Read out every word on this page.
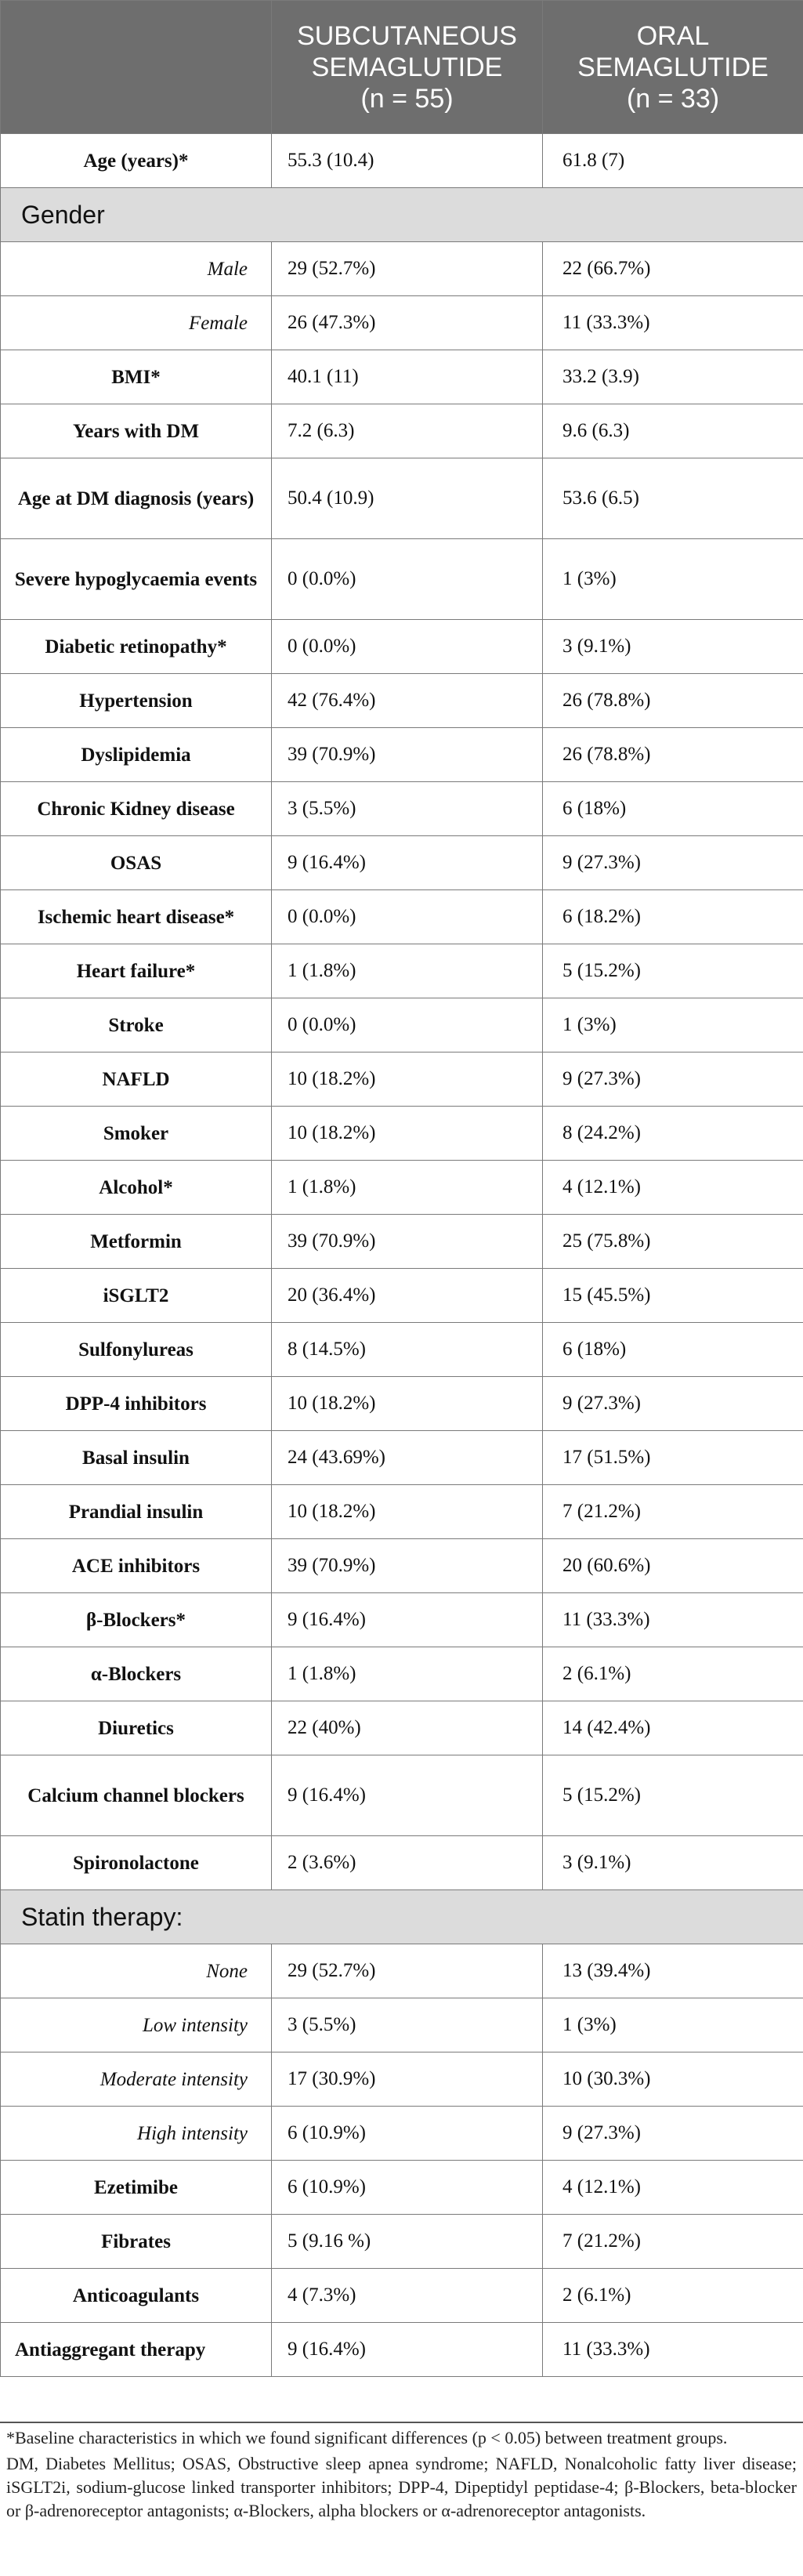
	SUBCUTANEOUS
SEMAGLUTIDE
(n = 55)	ORAL
SEMAGLUTIDE
(n = 33)
Age (years)*	55.3 (10.4)	61.8 (7)
Gender		
Male	29 (52.7%)	22 (66.7%)
Female	26 (47.3%)	11 (33.3%)
BMI*	40.1 (11)	33.2 (3.9)
Years with DM	7.2 (6.3)	9.6 (6.3)
Age at DM diagnosis (years)	50.4 (10.9)	53.6 (6.5)
Severe hypoglycaemia events	0 (0.0%)	1 (3%)
Diabetic retinopathy*	0 (0.0%)	3 (9.1%)
Hypertension	42 (76.4%)	26 (78.8%)
Dyslipidemia	39 (70.9%)	26 (78.8%)
Chronic Kidney disease	3 (5.5%)	6 (18%)
OSAS	9 (16.4%)	9 (27.3%)
Ischemic heart disease*	0 (0.0%)	6 (18.2%)
Heart failure*	1 (1.8%)	5 (15.2%)
Stroke	0 (0.0%)	1 (3%)
NAFLD	10 (18.2%)	9 (27.3%)
Smoker	10 (18.2%)	8 (24.2%)
Alcohol*	1 (1.8%)	4 (12.1%)
Metformin	39 (70.9%)	25 (75.8%)
iSGLT2	20 (36.4%)	15 (45.5%)
Sulfonylureas	8 (14.5%)	6 (18%)
DPP-4 inhibitors	10 (18.2%)	9 (27.3%)
Basal insulin	24 (43.69%)	17 (51.5%)
Prandial insulin	10 (18.2%)	7 (21.2%)
ACE inhibitors	39 (70.9%)	20 (60.6%)
β-Blockers*	9 (16.4%)	11 (33.3%)
α-Blockers	1 (1.8%)	2 (6.1%)
Diuretics	22 (40%)	14 (42.4%)
Calcium channel blockers	9 (16.4%)	5 (15.2%)
Spironolactone	2 (3.6%)	3 (9.1%)
Statin therapy:		
None	29 (52.7%)	13 (39.4%)
Low intensity	3 (5.5%)	1 (3%)
Moderate intensity	17 (30.9%)	10 (30.3%)
High intensity	6 (10.9%)	9 (27.3%)
Ezetimibe	6 (10.9%)	4 (12.1%)
Fibrates	5 (9.16 %)	7 (21.2%)
Anticoagulants	4 (7.3%)	2 (6.1%)
Antiaggregant therapy	9 (16.4%)	11 (33.3%)

*Baseline characteristics in which we found significant differences (p < 0.05) between treatment groups.

DM, Diabetes Mellitus; OSAS, Obstructive sleep apnea syndrome; NAFLD, Nonalcoholic fatty liver disease; iSGLT2i, sodium-glucose linked transporter inhibitors; DPP-4, Dipeptidyl peptidase-4; β-Blockers, beta-blocker or β-adrenoreceptor antagonists; α-Blockers, alpha blockers or α-adrenoreceptor antagonists.
